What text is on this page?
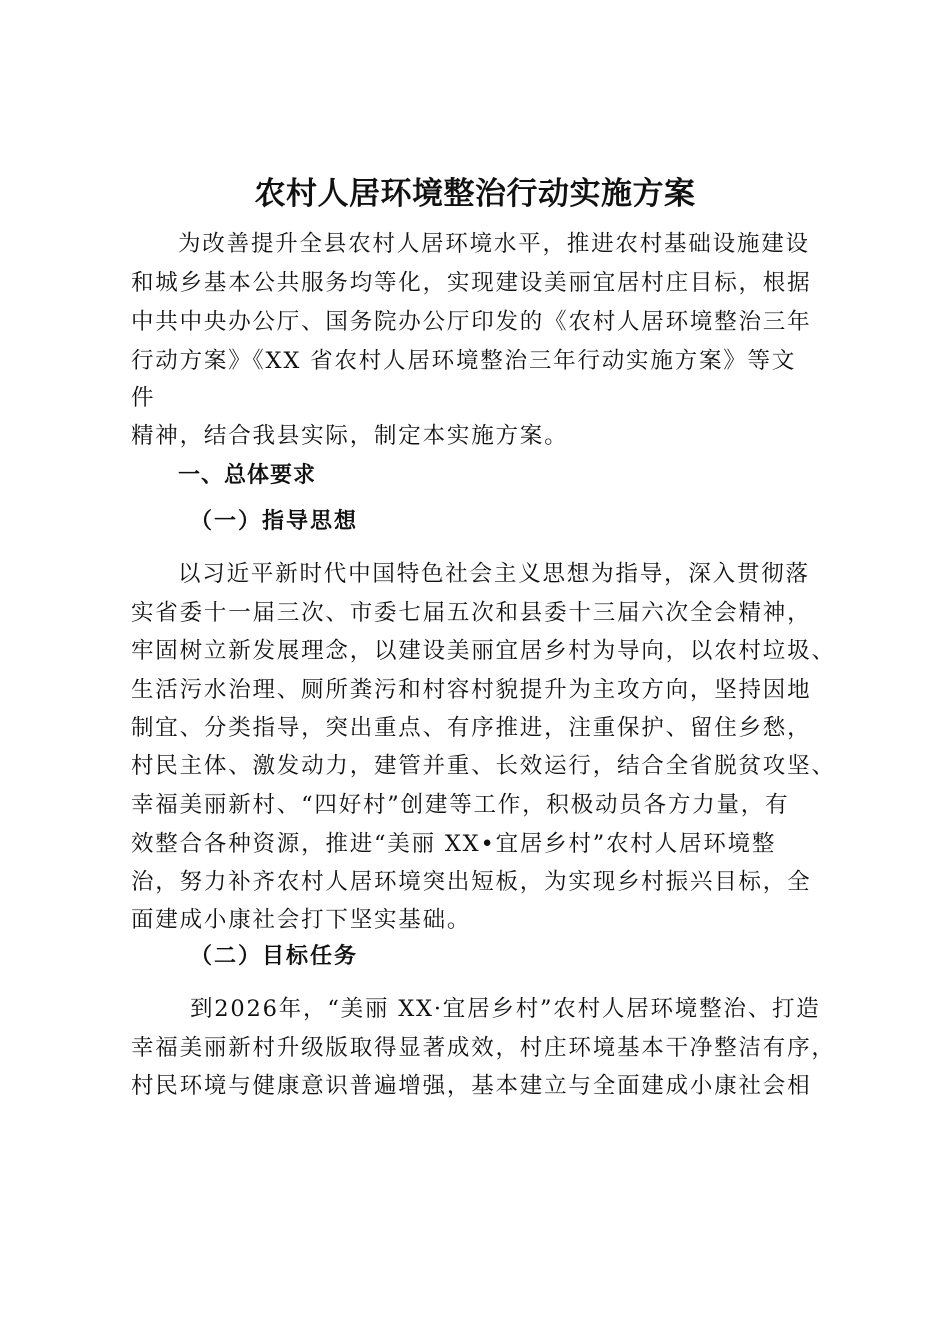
农村人居环境整治行动实施方案
为改善提升全县农村人居环境水平，推进农村基础设施建设
和城乡基本公共服务均等化，实现建设美丽宜居村庄目标，根据
中共中央办公厅、国务院办公厅印发的《农村人居环境整治三年
行动方案》《XX 省农村人居环境整治三年行动实施方案》等文
件
精神，结合我县实际，制定本实施方案。
一、总体要求
（一）指导思想
以习近平新时代中国特色社会主义思想为指导，深入贯彻落
实省委十一届三次、市委七届五次和县委十三届六次全会精神，
牢固树立新发展理念，以建设美丽宜居乡村为导向，以农村垃圾、
生活污水治理、厕所粪污和村容村貌提升为主攻方向，坚持因地
制宜、分类指导，突出重点、有序推进，注重保护、留住乡愁，
村民主体、激发动力，建管并重、长效运行，结合全省脱贫攻坚、
幸福美丽新村、“四好村”创建等工作，积极动员各方力量，有
效整合各种资源，推进“美丽 XX•宜居乡村”农村人居环境整
治，努力补齐农村人居环境突出短板，为实现乡村振兴目标，全
面建成小康社会打下坚实基础。
（二）目标任务
到2026年，“美丽 XX·宜居乡村”农村人居环境整治、打造
幸福美丽新村升级版取得显著成效，村庄环境基本干净整洁有序，
村民环境与健康意识普遍增强，基本建立与全面建成小康社会相
